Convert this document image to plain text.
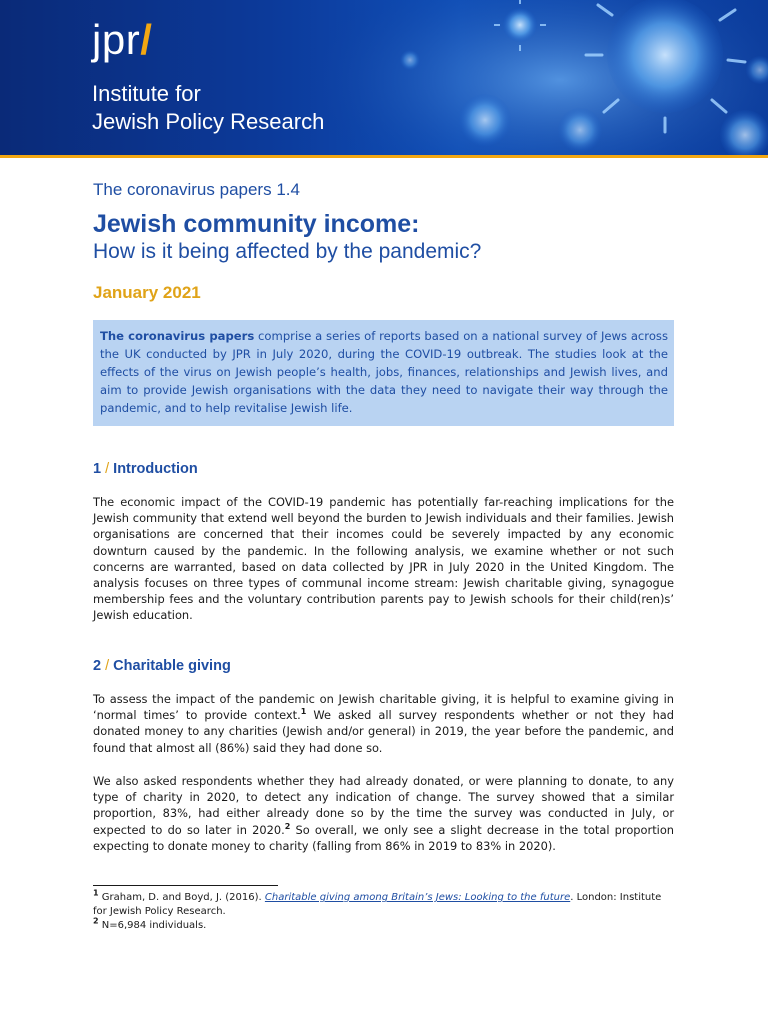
jpr/
Institute for
Jewish Policy Research
The coronavirus papers 1.4
Jewish community income:
How is it being affected by the pandemic?
January 2021
The coronavirus papers comprise a series of reports based on a national survey of Jews across the UK conducted by JPR in July 2020, during the COVID-19 outbreak. The studies look at the effects of the virus on Jewish people’s health, jobs, finances, relationships and Jewish lives, and aim to provide Jewish organisations with the data they need to navigate their way through the pandemic, and to help revitalise Jewish life.
1 / Introduction
The economic impact of the COVID-19 pandemic has potentially far-reaching implications for the Jewish community that extend well beyond the burden to Jewish individuals and their families. Jewish organisations are concerned that their incomes could be severely impacted by any economic downturn caused by the pandemic. In the following analysis, we examine whether or not such concerns are warranted, based on data collected by JPR in July 2020 in the United Kingdom. The analysis focuses on three types of communal income stream: Jewish charitable giving, synagogue membership fees and the voluntary contribution parents pay to Jewish schools for their child(ren)s’ Jewish education.
2 / Charitable giving
To assess the impact of the pandemic on Jewish charitable giving, it is helpful to examine giving in ‘normal times’ to provide context.$^1$ We asked all survey respondents whether or not they had donated money to any charities (Jewish and/or general) in 2019, the year before the pandemic, and found that almost all (86%) said they had done so.
We also asked respondents whether they had already donated, or were planning to donate, to any type of charity in 2020, to detect any indication of change. The survey showed that a similar proportion, 83%, had either already done so by the time the survey was conducted in July, or expected to do so later in 2020.$^2$ So overall, we only see a slight decrease in the total proportion expecting to donate money to charity (falling from 86% in 2019 to 83% in 2020).
$^1$ Graham, D. and Boyd, J. (2016). Charitable giving among Britain’s Jews: Looking to the future. London: Institute for Jewish Policy Research.
$^2$ N=6,984 individuals.
